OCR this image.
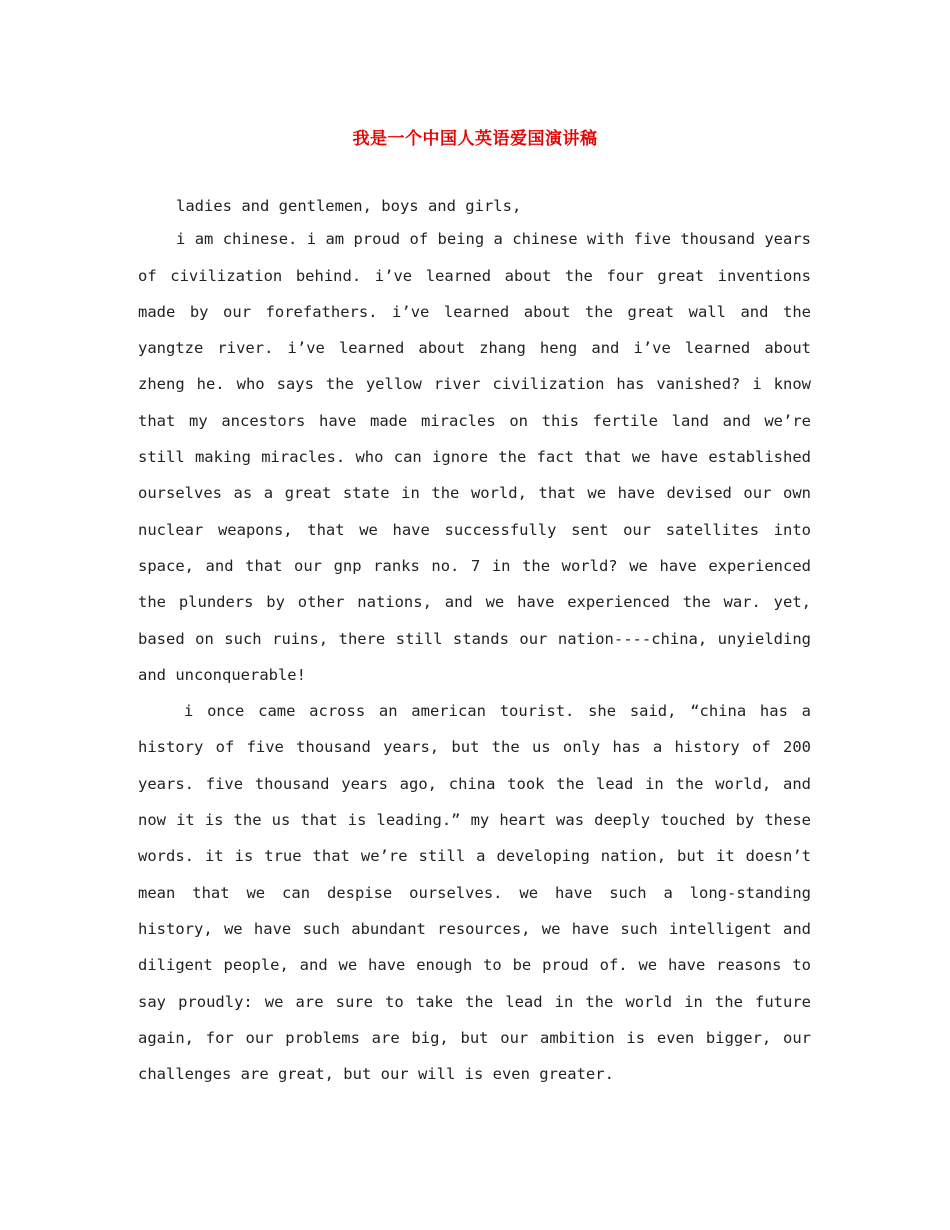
我是一个中国人英语爱国演讲稿

ladies and gentlemen, boys and girls,

i am chinese. i am proud of being a chinese with five thousand years of civilization behind. i’ve learned about the four great inventions made by our forefathers. i’ve learned about the great wall and the yangtze river. i’ve learned about zhang heng and i’ve learned about zheng he. who says the yellow river civilization has vanished? i know that my ancestors have made miracles on this fertile land and we’re still making miracles. who can ignore the fact that we have established ourselves as a great state in the world, that we have devised our own nuclear weapons, that we have successfully sent our satellites into space, and that our gnp ranks no. 7 in the world? we have experienced the plunders by other nations, and we have experienced the war. yet, based on such ruins, there still stands our nation----china, unyielding and unconquerable!

i once came across an american tourist. she said, “china has a history of five thousand years, but the us only has a history of 200 years. five thousand years ago, china took the lead in the world, and now it is the us that is leading.” my heart was deeply touched by these words. it is true that we’re still a developing nation, but it doesn’t mean that we can despise ourselves. we have such a long-standing history, we have such abundant resources, we have such intelligent and diligent people, and we have enough to be proud of. we have reasons to say proudly: we are sure to take the lead in the world in the future again, for our problems are big, but our ambition is even bigger, our challenges are great, but our will is even greater.
